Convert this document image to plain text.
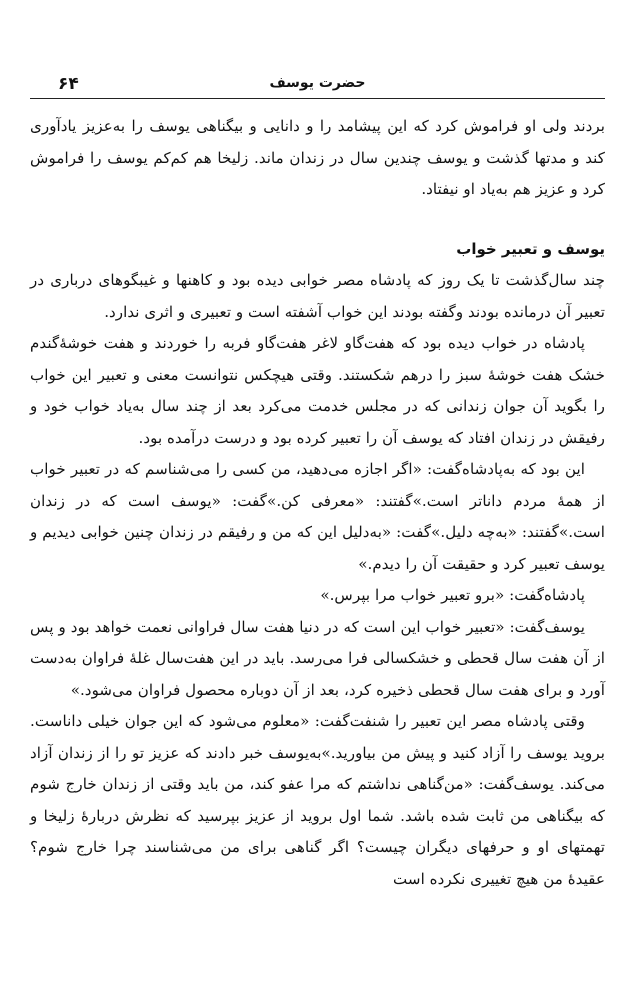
۶۴	حضرت یوسف

بردند ولی او فراموش کرد که این پیشامد را و دانایی و بیگناهی یوسف را به‌عزیز یادآوری کند و مدتها گذشت و یوسف چندین سال در زندان ماند. زلیخا هم کم‌کم یوسف را فراموش کرد و عزیز هم به‌یاد او نیفتاد.

یوسف و تعبیر خواب

چند سال‌گذشت تا یک روز که پادشاه مصر خوابی دیده بود و کاهنها و غیبگوهای درباری در تعبیر آن درمانده بودند وگفته بودند این خواب آشفته است و تعبیری و اثری ندارد.

پادشاه در خواب دیده بود که هفت‌گاو لاغر هفت‌گاو فربه را خوردند و هفت خوشهٔ‌گندم خشک هفت خوشهٔ سبز را درهم شکستند. وقتی هیچکس نتوانست معنی و تعبیر این خواب را بگوید آن جوان زندانی که در مجلس خدمت می‌کرد بعد از چند سال به‌یاد خواب خود و رفیقش در زندان افتاد که یوسف آن را تعبیر کرده بود و درست درآمده بود.

این بود که به‌پادشاه‌گفت: «اگر اجازه می‌دهید، من کسی را می‌شناسم که در تعبیر خواب از همهٔ مردم داناتر است.»گفتند: «معرفی کن.»گفت: «یوسف است که در زندان است.»گفتند: «به‌چه دلیل.»گفت: «به‌دلیل این که من و رفیقم در زندان چنین خوابی دیدیم و یوسف تعبیر کرد و حقیقت آن را دیدم.»

پادشاه‌گفت: «برو تعبیر خواب مرا بپرس.»

یوسف‌گفت: «تعبیر خواب این است که در دنیا هفت سال فراوانی نعمت خواهد بود و پس از آن هفت سال قحطی و خشکسالی فرا می‌رسد. باید در این هفت‌سال غلهٔ فراوان به‌دست آورد و برای هفت سال قحطی ذخیره کرد، بعد از آن دوباره محصول فراوان می‌شود.»

وقتی پادشاه مصر این تعبیر را شنفت‌گفت: «معلوم می‌شود که این جوان خیلی داناست. بروید یوسف را آزاد کنید و پیش من بیاورید.»به‌یوسف خبر دادند که عزیز تو را از زندان آزاد می‌کند. یوسف‌گفت: «من‌گناهی نداشتم که مرا عفو کند، من باید وقتی از زندان خارج شوم که بیگناهی من ثابت شده باشد. شما اول بروید از عزیز بپرسید که نظرش دربارهٔ زلیخا و تهمتهای او و حرفهای دیگران چیست؟ اگر گناهی برای من می‌شناسند چرا خارج شوم؟ عقیدهٔ من هیچ تغییری نکرده است
